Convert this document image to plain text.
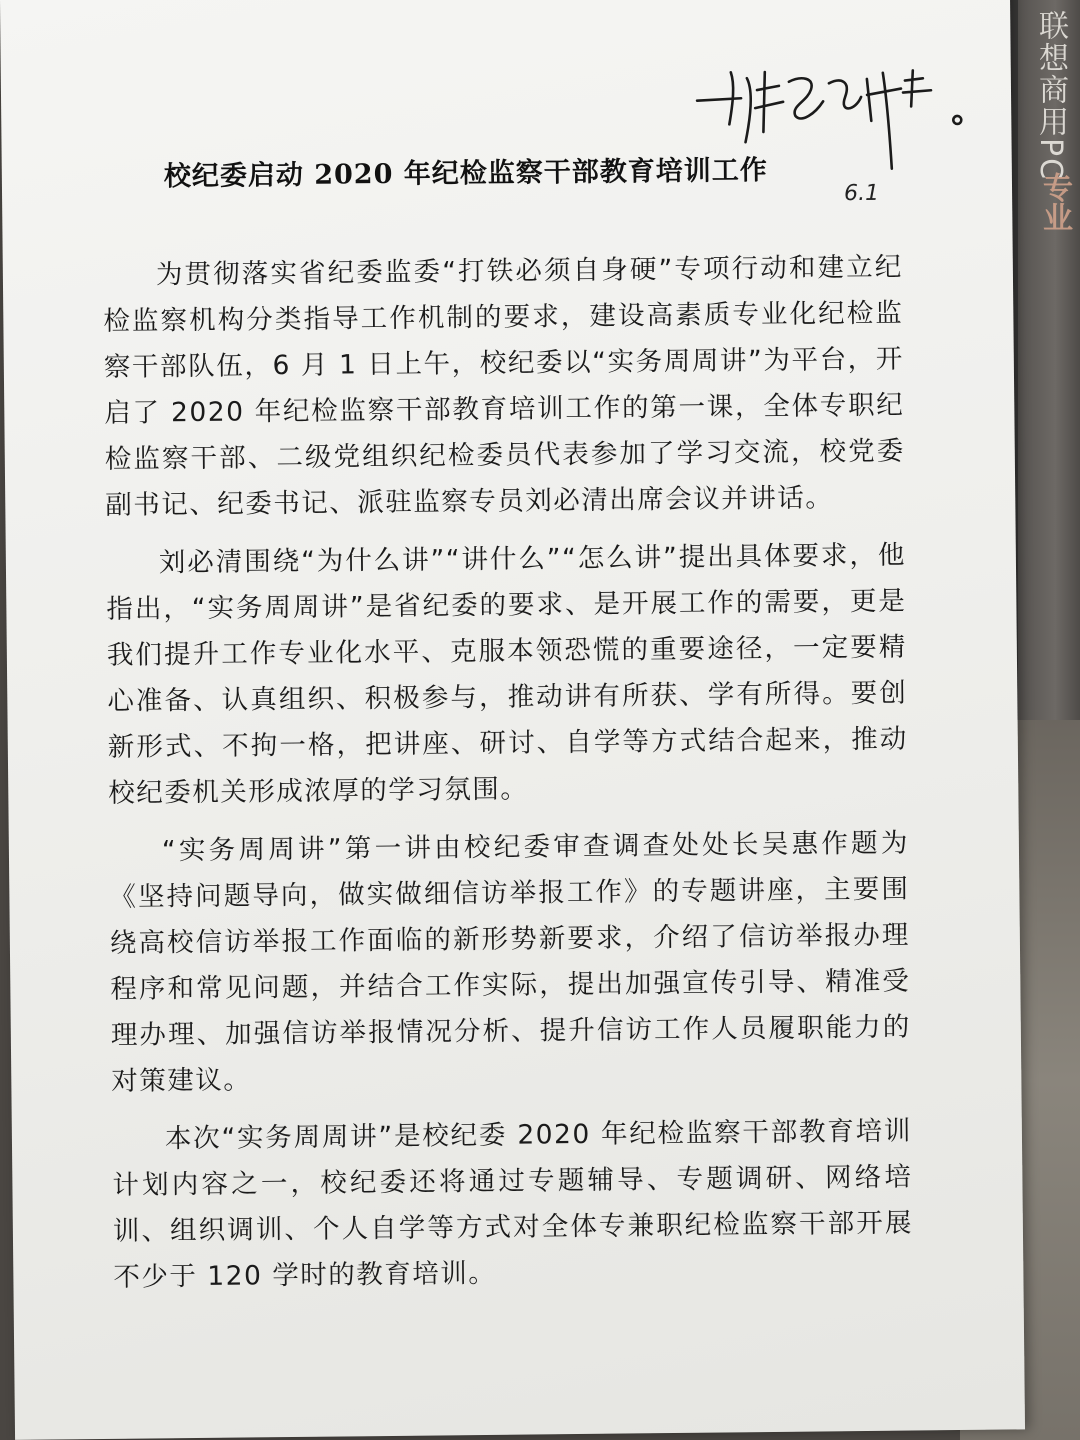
联想商用PC
专业
6.1
校纪委启动 2020 年纪检监察干部教育培训工作

为贯彻落实省纪委监委“打铁必须自身硬”专项行动和建立纪检监察机构分类指导工作机制的要求，建设高素质专业化纪检监察干部队伍，6 月 1 日上午，校纪委以“实务周周讲”为平台，开启了 2020 年纪检监察干部教育培训工作的第一课，全体专职纪检监察干部、二级党组织纪检委员代表参加了学习交流，校党委副书记、纪委书记、派驻监察专员刘必清出席会议并讲话。

刘必清围绕“为什么讲”“讲什么”“怎么讲”提出具体要求，他指出，“实务周周讲”是省纪委的要求、是开展工作的需要，更是我们提升工作专业化水平、克服本领恐慌的重要途径，一定要精心准备、认真组织、积极参与，推动讲有所获、学有所得。要创新形式、不拘一格，把讲座、研讨、自学等方式结合起来，推动校纪委机关形成浓厚的学习氛围。

“实务周周讲”第一讲由校纪委审查调查处处长吴惠作题为《坚持问题导向，做实做细信访举报工作》的专题讲座，主要围绕高校信访举报工作面临的新形势新要求，介绍了信访举报办理程序和常见问题，并结合工作实际，提出加强宣传引导、精准受理办理、加强信访举报情况分析、提升信访工作人员履职能力的对策建议。

本次“实务周周讲”是校纪委 2020 年纪检监察干部教育培训计划内容之一，校纪委还将通过专题辅导、专题调研、网络培训、组织调训、个人自学等方式对全体专兼职纪检监察干部开展不少于 120 学时的教育培训。
